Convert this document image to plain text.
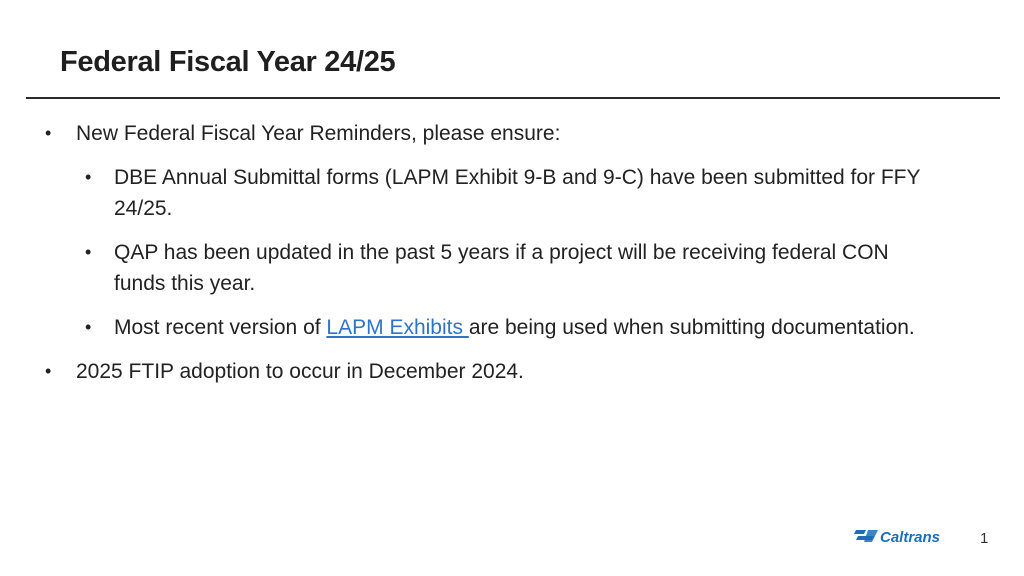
Federal Fiscal Year 24/25
•	New Federal Fiscal Year Reminders, please ensure:
•	DBE Annual Submittal forms (LAPM Exhibit 9-B and 9-C) have been submitted for FFY 24/25.
•	QAP has been updated in the past 5 years if a project will be receiving federal CON funds this year.
•	Most recent version of LAPM Exhibits are being used when submitting documentation.
•	2025 FTIP adoption to occur in December 2024.
Caltrans	1
